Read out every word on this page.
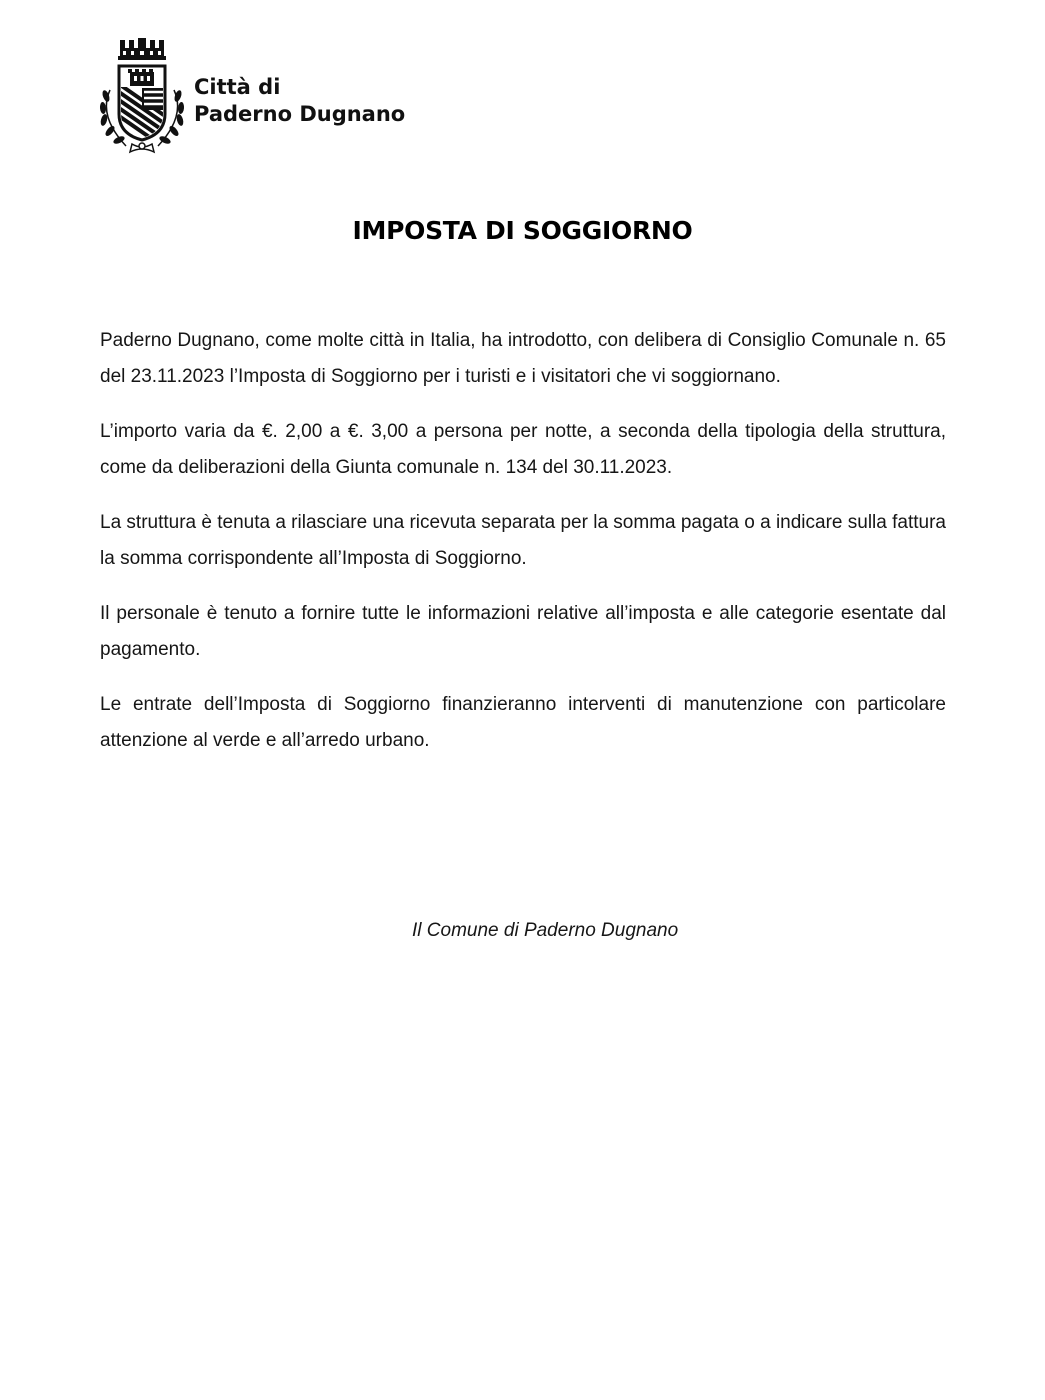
Città di
Paderno Dugnano
IMPOSTA DI SOGGIORNO

Paderno Dugnano, come molte città in Italia, ha introdotto, con delibera di Consiglio Comunale n. 65 del 23.11.2023 l’Imposta di Soggiorno per i turisti e i visitatori che vi soggiornano.

L’importo varia da €. 2,00 a €. 3,00 a persona per notte, a seconda della tipologia della struttura, come da deliberazioni della Giunta comunale n. 134 del 30.11.2023.

La struttura è tenuta a rilasciare una ricevuta separata per la somma pagata o a indicare sulla fattura la somma corrispondente all’Imposta di Soggiorno.

Il personale è tenuto a fornire tutte le informazioni relative all’imposta e alle categorie esentate dal pagamento.

Le entrate dell’Imposta di Soggiorno finanzieranno interventi di manutenzione con particolare attenzione al verde e all’arredo urbano.

Il Comune di Paderno Dugnano
